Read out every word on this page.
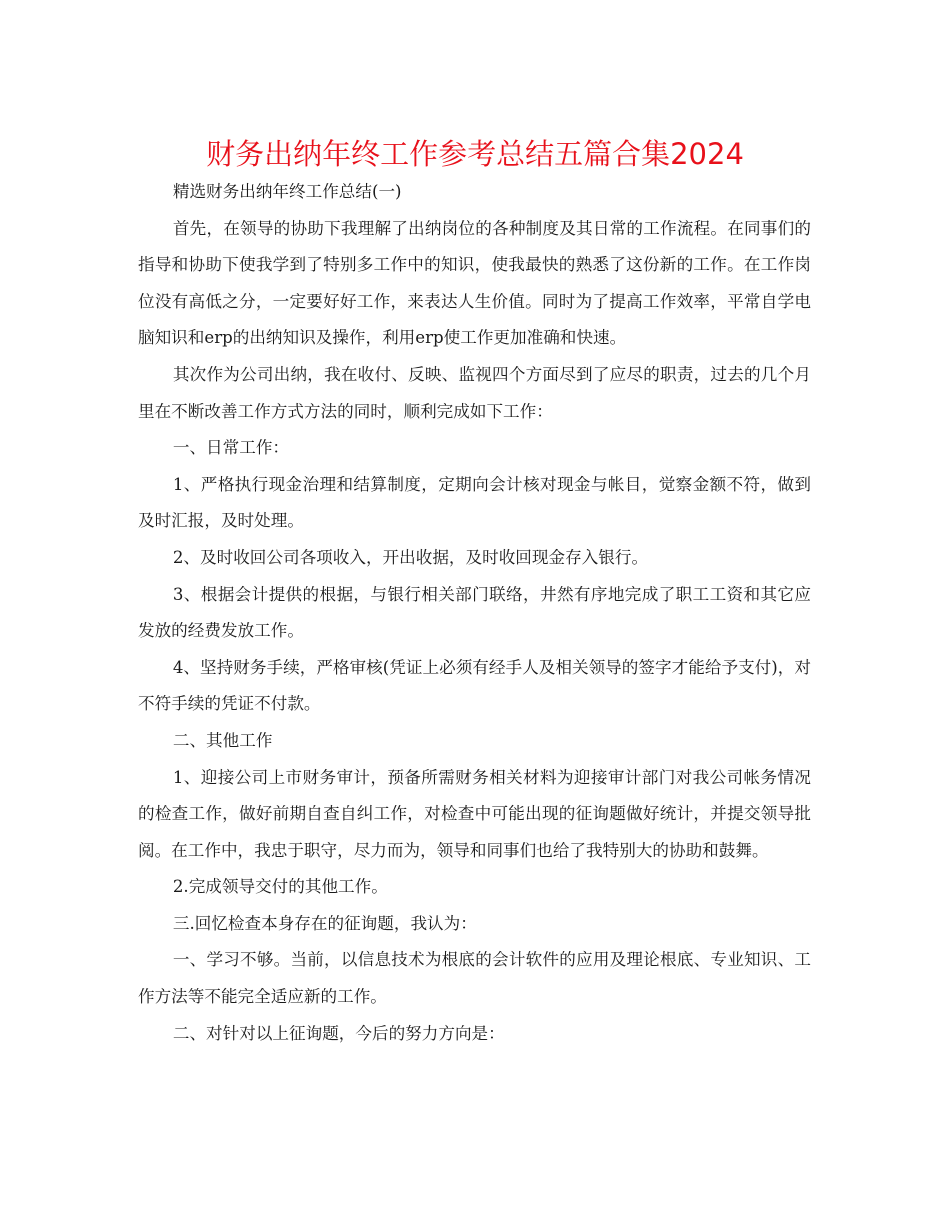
财务出纳年终工作参考总结五篇合集2024

精选财务出纳年终工作总结(一)

首先，在领导的协助下我理解了出纳岗位的各种制度及其日常的工作流程。在同事们的指导和协助下使我学到了特别多工作中的知识，使我最快的熟悉了这份新的工作。在工作岗位没有高低之分，一定要好好工作，来表达人生价值。同时为了提高工作效率，平常自学电脑知识和erp的出纳知识及操作，利用erp使工作更加准确和快速。

其次作为公司出纳，我在收付、反映、监视四个方面尽到了应尽的职责，过去的几个月里在不断改善工作方式方法的同时，顺利完成如下工作：

一、日常工作：

1、严格执行现金治理和结算制度，定期向会计核对现金与帐目，觉察金额不符，做到及时汇报，及时处理。

2、及时收回公司各项收入，开出收据，及时收回现金存入银行。

3、根据会计提供的根据，与银行相关部门联络，井然有序地完成了职工工资和其它应发放的经费发放工作。

4、坚持财务手续，严格审核(凭证上必须有经手人及相关领导的签字才能给予支付)，对不符手续的凭证不付款。

二、其他工作

1、迎接公司上市财务审计，预备所需财务相关材料为迎接审计部门对我公司帐务情况的检查工作，做好前期自查自纠工作，对检查中可能出现的征询题做好统计，并提交领导批阅。在工作中，我忠于职守，尽力而为，领导和同事们也给了我特别大的协助和鼓舞。

2.完成领导交付的其他工作。

三.回忆检查本身存在的征询题，我认为：

一、学习不够。当前，以信息技术为根底的会计软件的应用及理论根底、专业知识、工作方法等不能完全适应新的工作。

二、对针对以上征询题，今后的努力方向是：
